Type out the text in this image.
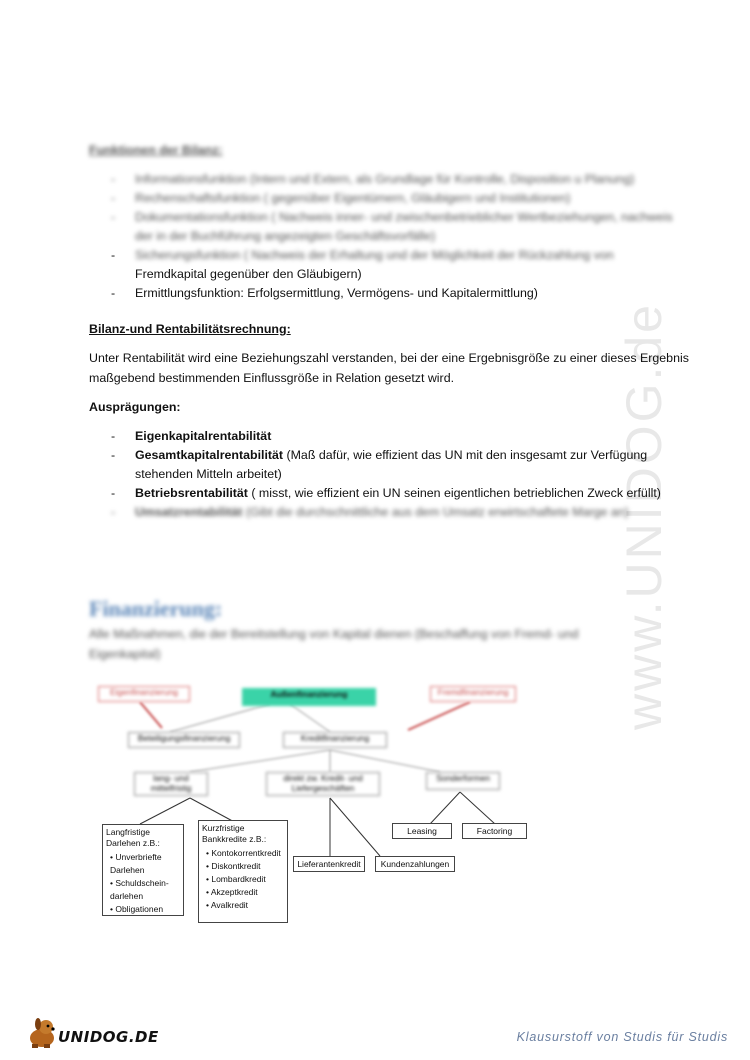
www.UNIDOG.de
Funktionen der Bilanz:
- Informationsfunktion (Intern und Extern, als Grundlage für Kontrolle, Disposition u Planung)
- Rechenschaftsfunktion ( gegenüber Eigentümern, Gläubigern und Institutionen)
- Dokumentationsfunktion ( Nachweis inner- und zwischenbetrieblicher Wertbeziehungen, nachweis der in der Buchführung angezeigten Geschäftsvorfälle)
- Sicherungsfunktion ( Nachweis der Erhaltung und der Möglichkeit der Rückzahlung von
Fremdkapital gegenüber den Gläubigern)
- Ermittlungsfunktion: Erfolgsermittlung, Vermögens- und Kapitalermittlung)
Bilanz-und Rentabilitätsrechnung:

Unter Rentabilität wird eine Beziehungszahl verstanden, bei der eine Ergebnisgröße zu einer dieses Ergebnis maßgebend bestimmenden Einflussgröße in Relation gesetzt wird.

Ausprägungen:
- Eigenkapitalrentabilität
- Gesamtkapitalrentabilität (Maß dafür, wie effizient das UN mit den insgesamt zur Verfügung stehenden Mitteln arbeitet)
- Betriebsrentabilität ( misst, wie effizient ein UN seinen eigentlichen betrieblichen Zweck erfüllt)
- Umsatzrentabilität (Gibt die durchschnittliche aus dem Umsatz erwirtschaftete Marge an)
Finanzierung:
Alle Maßnahmen, die der Bereitstellung von Kapital dienen (Beschaffung von Fremd- und Eigenkapital)
Eigenfinanzierung	Außenfinanzierung	Fremdfinanzierung
Beteiligungsfinanzierung	Kreditfinanzierung
lang- und mittelfristig
direkt zw. Kredit- und Liefergeschäften
Sonderformen
Langfristige Darlehen z.B.:
• Unverbriefte Darlehen
• Schuldschein-darlehen
• Obligationen
Kurzfristige Bankkredite z.B.:
• Kontokorrentkredit
• Diskontkredit
• Lombardkredit
• Akzeptkredit
• Avalkredit
Lieferantenkredit	Kundenzahlungen
Leasing	Factoring
UNIDOG.DE	Klausurstoff von Studis für Studis
